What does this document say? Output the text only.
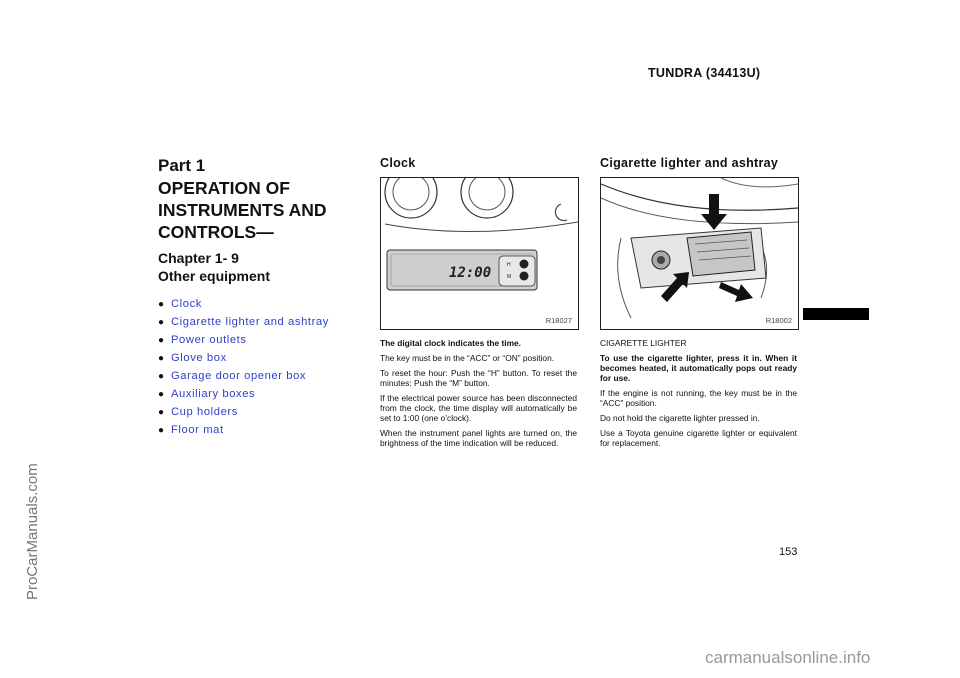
TUNDRA (34413U)
ProCarManuals.com
Part 1
OPERATION OF INSTRUMENTS AND CONTROLS—
Chapter 1- 9
Other equipment
● Clock
● Cigarette lighter and ashtray
● Power outlets
● Glove box
● Garage door opener box
● Auxiliary boxes
● Cup holders
● Floor mat
Clock
12:00	H
M
R18027

The digital clock indicates the time.

The key must be in the “ACC” or “ON” position.

To reset the hour: Push the “H” button. To reset the minutes: Push the “M” button.

If the electrical power source has been disconnected from the clock, the time display will automatically be set to 1:00 (one o’clock).

When the instrument panel lights are turned on, the brightness of the time indication will be reduced.

Cigarette lighter and ashtray
R18002

CIGARETTE LIGHTER

To use the cigarette lighter, press it in. When it becomes heated, it automatically pops out ready for use.

If the engine is not running, the key must be in the “ACC” position.

Do not hold the cigarette lighter pressed in.

Use a Toyota genuine cigarette lighter or equivalent for replacement.

153
carmanualsonline.info
